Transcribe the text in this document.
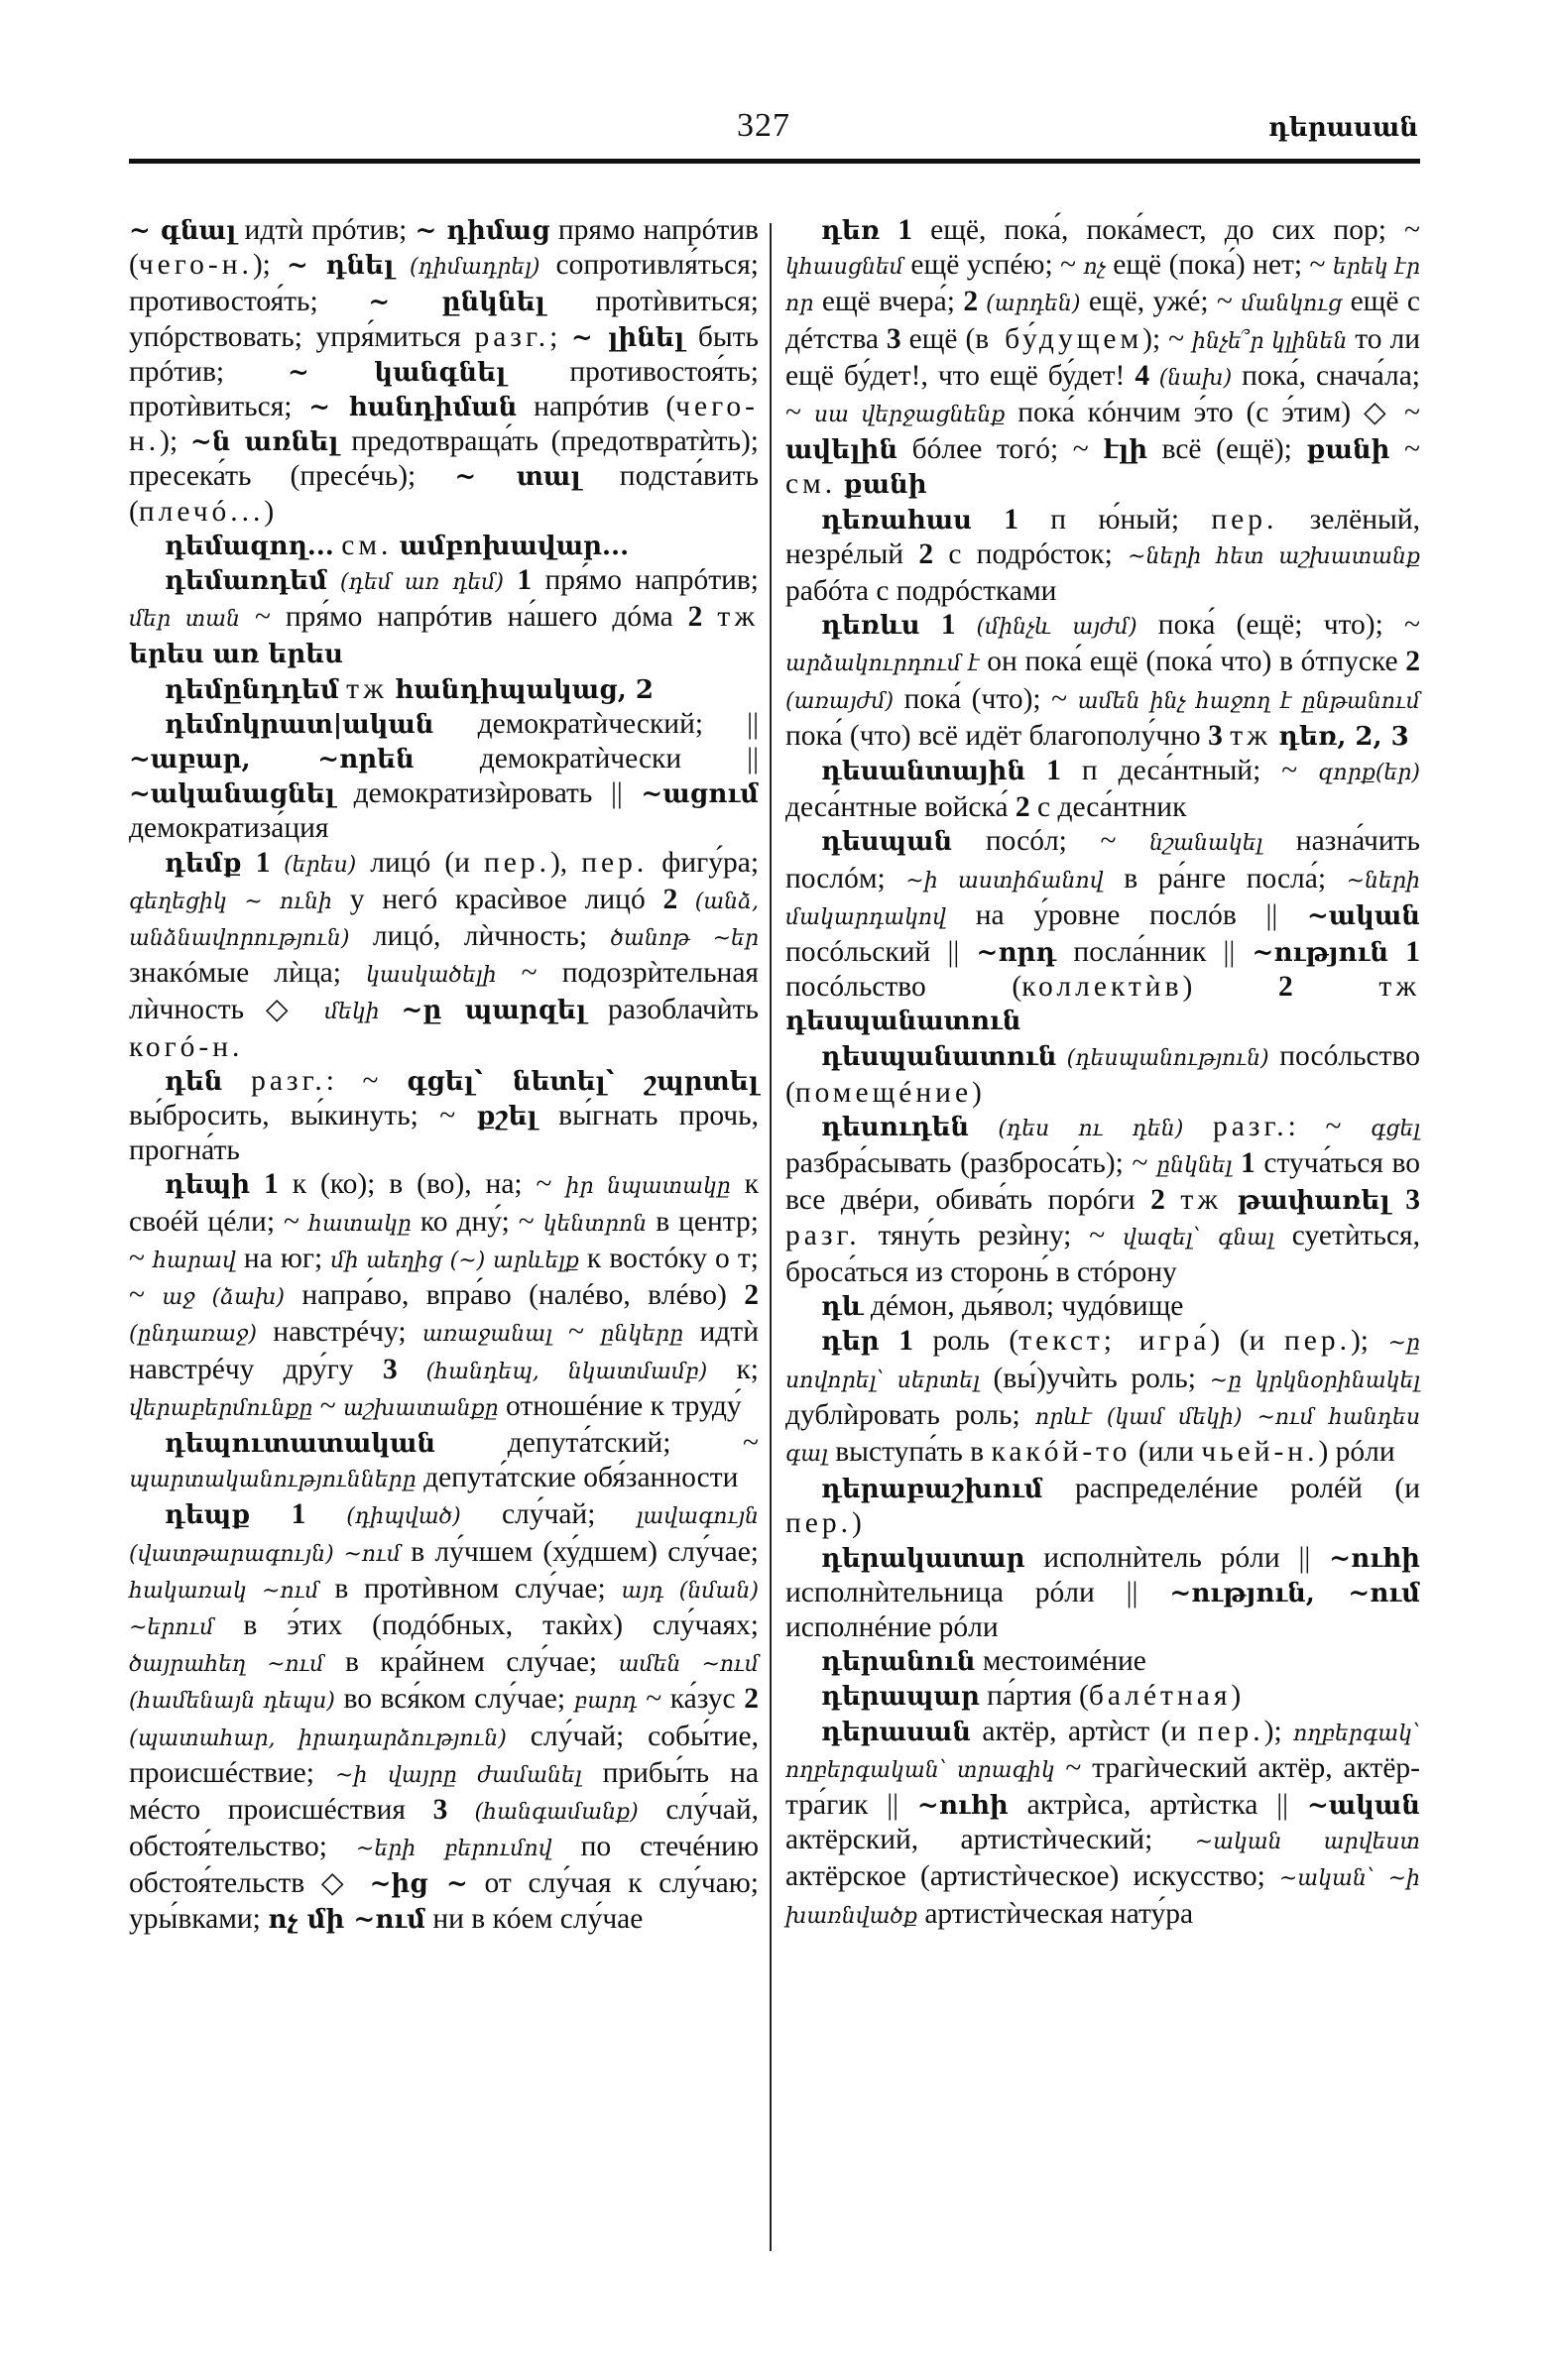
327	դերասան

~ գնալ идтѝ прóтив; ~ դիմաց прямо напрóтив (чего-н.); ~ դնել (դիմադրել) сопротивля́ться; противостоя́ть; ~ ընկնել протѝвиться; упóрствовать; упря́миться разг.; ~ լինել быть прóтив; ~ կանգնել противостоя́ть; протѝвиться; ~ հանդիման напрóтив (чего-н.); ~ն առնել предотвраща́ть (предотвратѝть); пресека́ть (пресéчь); ~ տալ подста́вить (плечó...)

դեմազող... см. ամբոխավար...

դեմառդեմ (դեմ առ դեմ) 1 пря́мо напрóтив; մեր տան ~ пря́мо напрóтив на́шего дóма 2 тж երես առ երես

դեմընդդեմ тж հանդիպակաց, 2

դեմոկրատ|ական демократѝческий; || ~աբար, ~որեն демократѝчески || ~ականացնել демократизѝровать || ~ացում демократиза́ция

դեմք 1 (երես) лицó (и пер.), пер. фигу́ра; գեղեցիկ ~ ունի у негó красѝвое лицó 2 (անձ, անձնավորություն) лицó, лѝчность; ծանոթ ~եր знакóмые лѝца; կասկածելի ~ подозрѝтельная лѝчность ◇ մեկի ~ը պարզել разоблачѝть когó-н.

դեն разг.: ~ գցել՝ նետել՝ շպրտել вы́бросить, вы́кинуть; ~ քշել вы́гнать прочь, прогна́ть

դեպի 1 к (ко); в (во), на; ~ իր նպատակը к своéй цéли; ~ հատակը ко дну́; ~ կենտրոն в центр; ~ հարավ на юг; մի աեղից (~) արևելք к востóку о т; ~ աջ (ձախ) напра́во, впра́во (налéво, влéво) 2 (ընդառաջ) навстрéчу; առաջանալ ~ ընկերը идтѝ навстрéчу дру́гу 3 (հանդեպ, նկատմամբ) к; վերաբերմունքը ~ աշխատանքը отношéние к труду́

դեպուտատական депута́тский; ~ պարտականությունները депута́тские обя́занности

դեպք 1 (դիպված) слу́чай; լավագույն (վատթարագույն) ~ում в лу́чшем (ху́дшем) слу́чае; հակառակ ~ում в протѝвном слу́чае; այդ (նման) ~երում в э́тих (подóбных, такѝх) слу́чаях; ծայրահեղ ~ում в кра́йнем слу́чае; ամեն ~ում (համենայն դեպս) во вся́ком слу́чае; բարդ ~ ка́зус 2 (պատահար, իրադարձություն) слу́чай; собы́тие, происшéствие; ~ի վայրը ժամանել прибы́ть на мéсто происшéствия 3 (հանգամանք) слу́чай, обстоя́тельство; ~երի բերումով по стечéнию обстоя́тельств ◇ ~ից ~ от слу́чая к слу́чаю; уры́вками; ոչ մի ~ում ни в кóем слу́чае

դեռ 1 ещё, пока́, пока́мест, до сих пор; ~ կհասցնեմ ещё успéю; ~ ոչ ещё (пока́) нет; ~ երեկ էր որ ещё вчера́; 2 (արդեն) ещё, ужé; ~ մանկուց ещё с дéтства 3 ещё (в бу́дущем); ~ ինչե՞ր կլինեն то ли ещё бу́дет!, что ещё бу́дет! 4 (նախ) пока́, снача́ла; ~ սա վերջացնենք пока́ кóнчим э́то (с э́тим) ◇ ~ ավելին бóлее тогó; ~ էլի всё (ещё); քանի ~ см. քանի

դեռահաս 1 п ю́ный; пер. зелёный, незрéлый 2 с подрóсток; ~ների հետ աշխատանք рабóта с подрóстками

դեռևս 1 (մինչև այժմ) пока́ (ещё; что); ~ արձակուրդում է он пока́ ещё (пока́ что) в óтпуске 2 (առայժմ) пока́ (что); ~ ամեն ինչ հաջող է ընթանում пока́ (что) всё идёт благополу́чно 3 тж դեռ, 2, 3

դեսանտային 1 п деса́нтный; ~ զորք(եր) деса́нтные войска́ 2 с деса́нтник

դեսպան посóл; ~ նշանակել назна́чить послóм; ~ի աստիճանով в ра́нге посла́; ~ների մակարդակով на у́ровне послóв || ~ական посóльский || ~որդ посла́нник || ~ություն 1 посóльство (коллектѝв) 2	тж դեսպանատուն

դեսպանատուն (դեսպանություն) посóльство (помещéние)

դեսուդեն (դես ու դեն) разг.: ~ գցել разбра́сывать (разброса́ть); ~ ընկնել 1 стуча́ться во все двéри, обива́ть порóги 2 тж թափառել 3 разг. тяну́ть резѝну; ~ վազել՝ գնալ суетѝться, броса́ться из сторонь́ в стóрону

դև дéмон, дья́вол; чудóвище

դեր 1 роль (текст; игра́) (и пер.); ~ը սովորել՝ սերտել (вы́)учѝть роль; ~ը կրկնօրինակել дублѝровать роль; որևէ (կամ մեկի) ~ում հանդես գալ выступа́ть в какóй-то (или чьей-н.) рóли

դերաբաշխում распределéние ролéй (и пер.)

դերակատար исполнѝтель рóли || ~ուհի исполнѝтельница рóли || ~ություն, ~ում исполнéние рóли

դերանուն местоимéние

դերապար па́ртия (балéтная)

դերասան актёр, артѝст (и пер.); ողբերգակ՝ ողբերգական՝ տրագիկ ~ трагѝческий актёр, актёр-тра́гик || ~ուհի актрѝса, артѝстка || ~ական актёрский, артистѝческий; ~ական արվեստ актёрское (артистѝческое) искусство; ~ական՝ ~ի խառնվածք артистѝческая нату́ра
